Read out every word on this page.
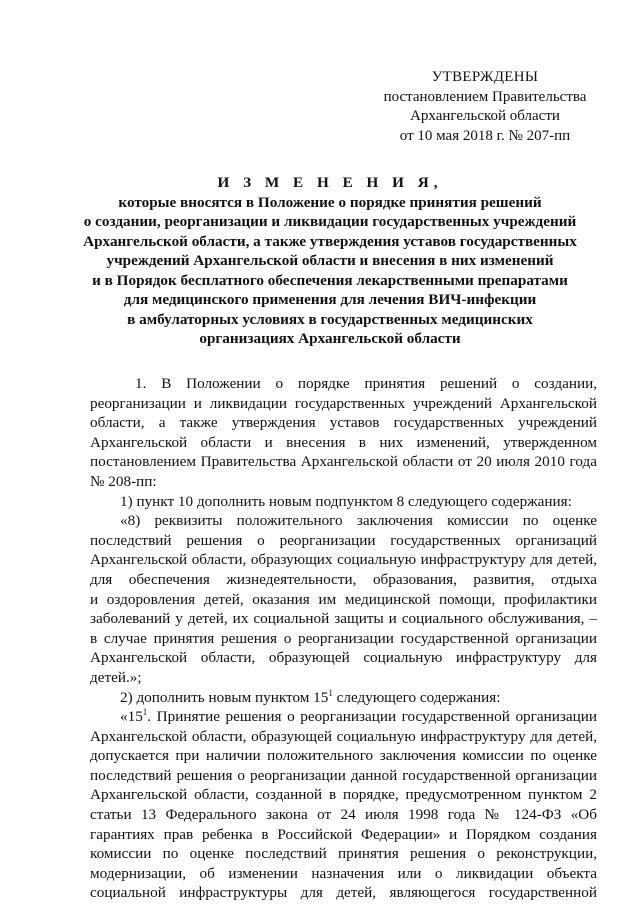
УТВЕРЖДЕНЫ
постановлением Правительства
Архангельской области
от 10 мая 2018 г. № 207-пп
И З М Е Н Е Н И Я,
которые вносятся в Положение о порядке принятия решений
о создании, реорганизации и ликвидации государственных учреждений
Архангельской области, а также утверждения уставов государственных
учреждений Архангельской области и внесения в них изменений
и в Порядок бесплатного обеспечения лекарственными препаратами
для медицинского применения для лечения ВИЧ-инфекции
в амбулаторных условиях в государственных медицинских
организациях Архангельской области
1. В Положении о порядке принятия решений о создании,
реорганизации и ликвидации государственных учреждений Архангельской
области, а также утверждения уставов государственных учреждений
Архангельской области и внесения в них изменений, утвержденном
постановлением Правительства Архангельской области от 20 июля 2010 года
№ 208-пп:
1) пункт 10 дополнить новым подпунктом 8 следующего содержания:
«8) реквизиты положительного заключения комиссии по оценке
последствий решения о реорганизации государственных организаций
Архангельской области, образующих социальную инфраструктуру для детей,
для обеспечения жизнедеятельности, образования, развития, отдыха
и оздоровления детей, оказания им медицинской помощи, профилактики
заболеваний у детей, их социальной защиты и социального обслуживания, –
в случае принятия решения о реорганизации государственной организации
Архангельской области, образующей социальную инфраструктуру для
детей.»;
2) дополнить новым пунктом $15^1$ следующего содержания:
«$15^1$. Принятие решения о реорганизации государственной организации
Архангельской области, образующей социальную инфраструктуру для детей,
допускается при наличии положительного заключения комиссии по оценке
последствий решения о реорганизации данной государственной организации
Архангельской области, созданной в порядке, предусмотренном пунктом 2
статьи 13 Федерального закона от 24 июля 1998 года № 124-ФЗ «Об
гарантиях прав ребенка в Российской Федерации» и Порядком создания
комиссии по оценке последствий принятия решения о реконструкции,
модернизации, об изменении назначения или о ликвидации объекта
социальной инфраструктуры для детей, являющегося государственной
